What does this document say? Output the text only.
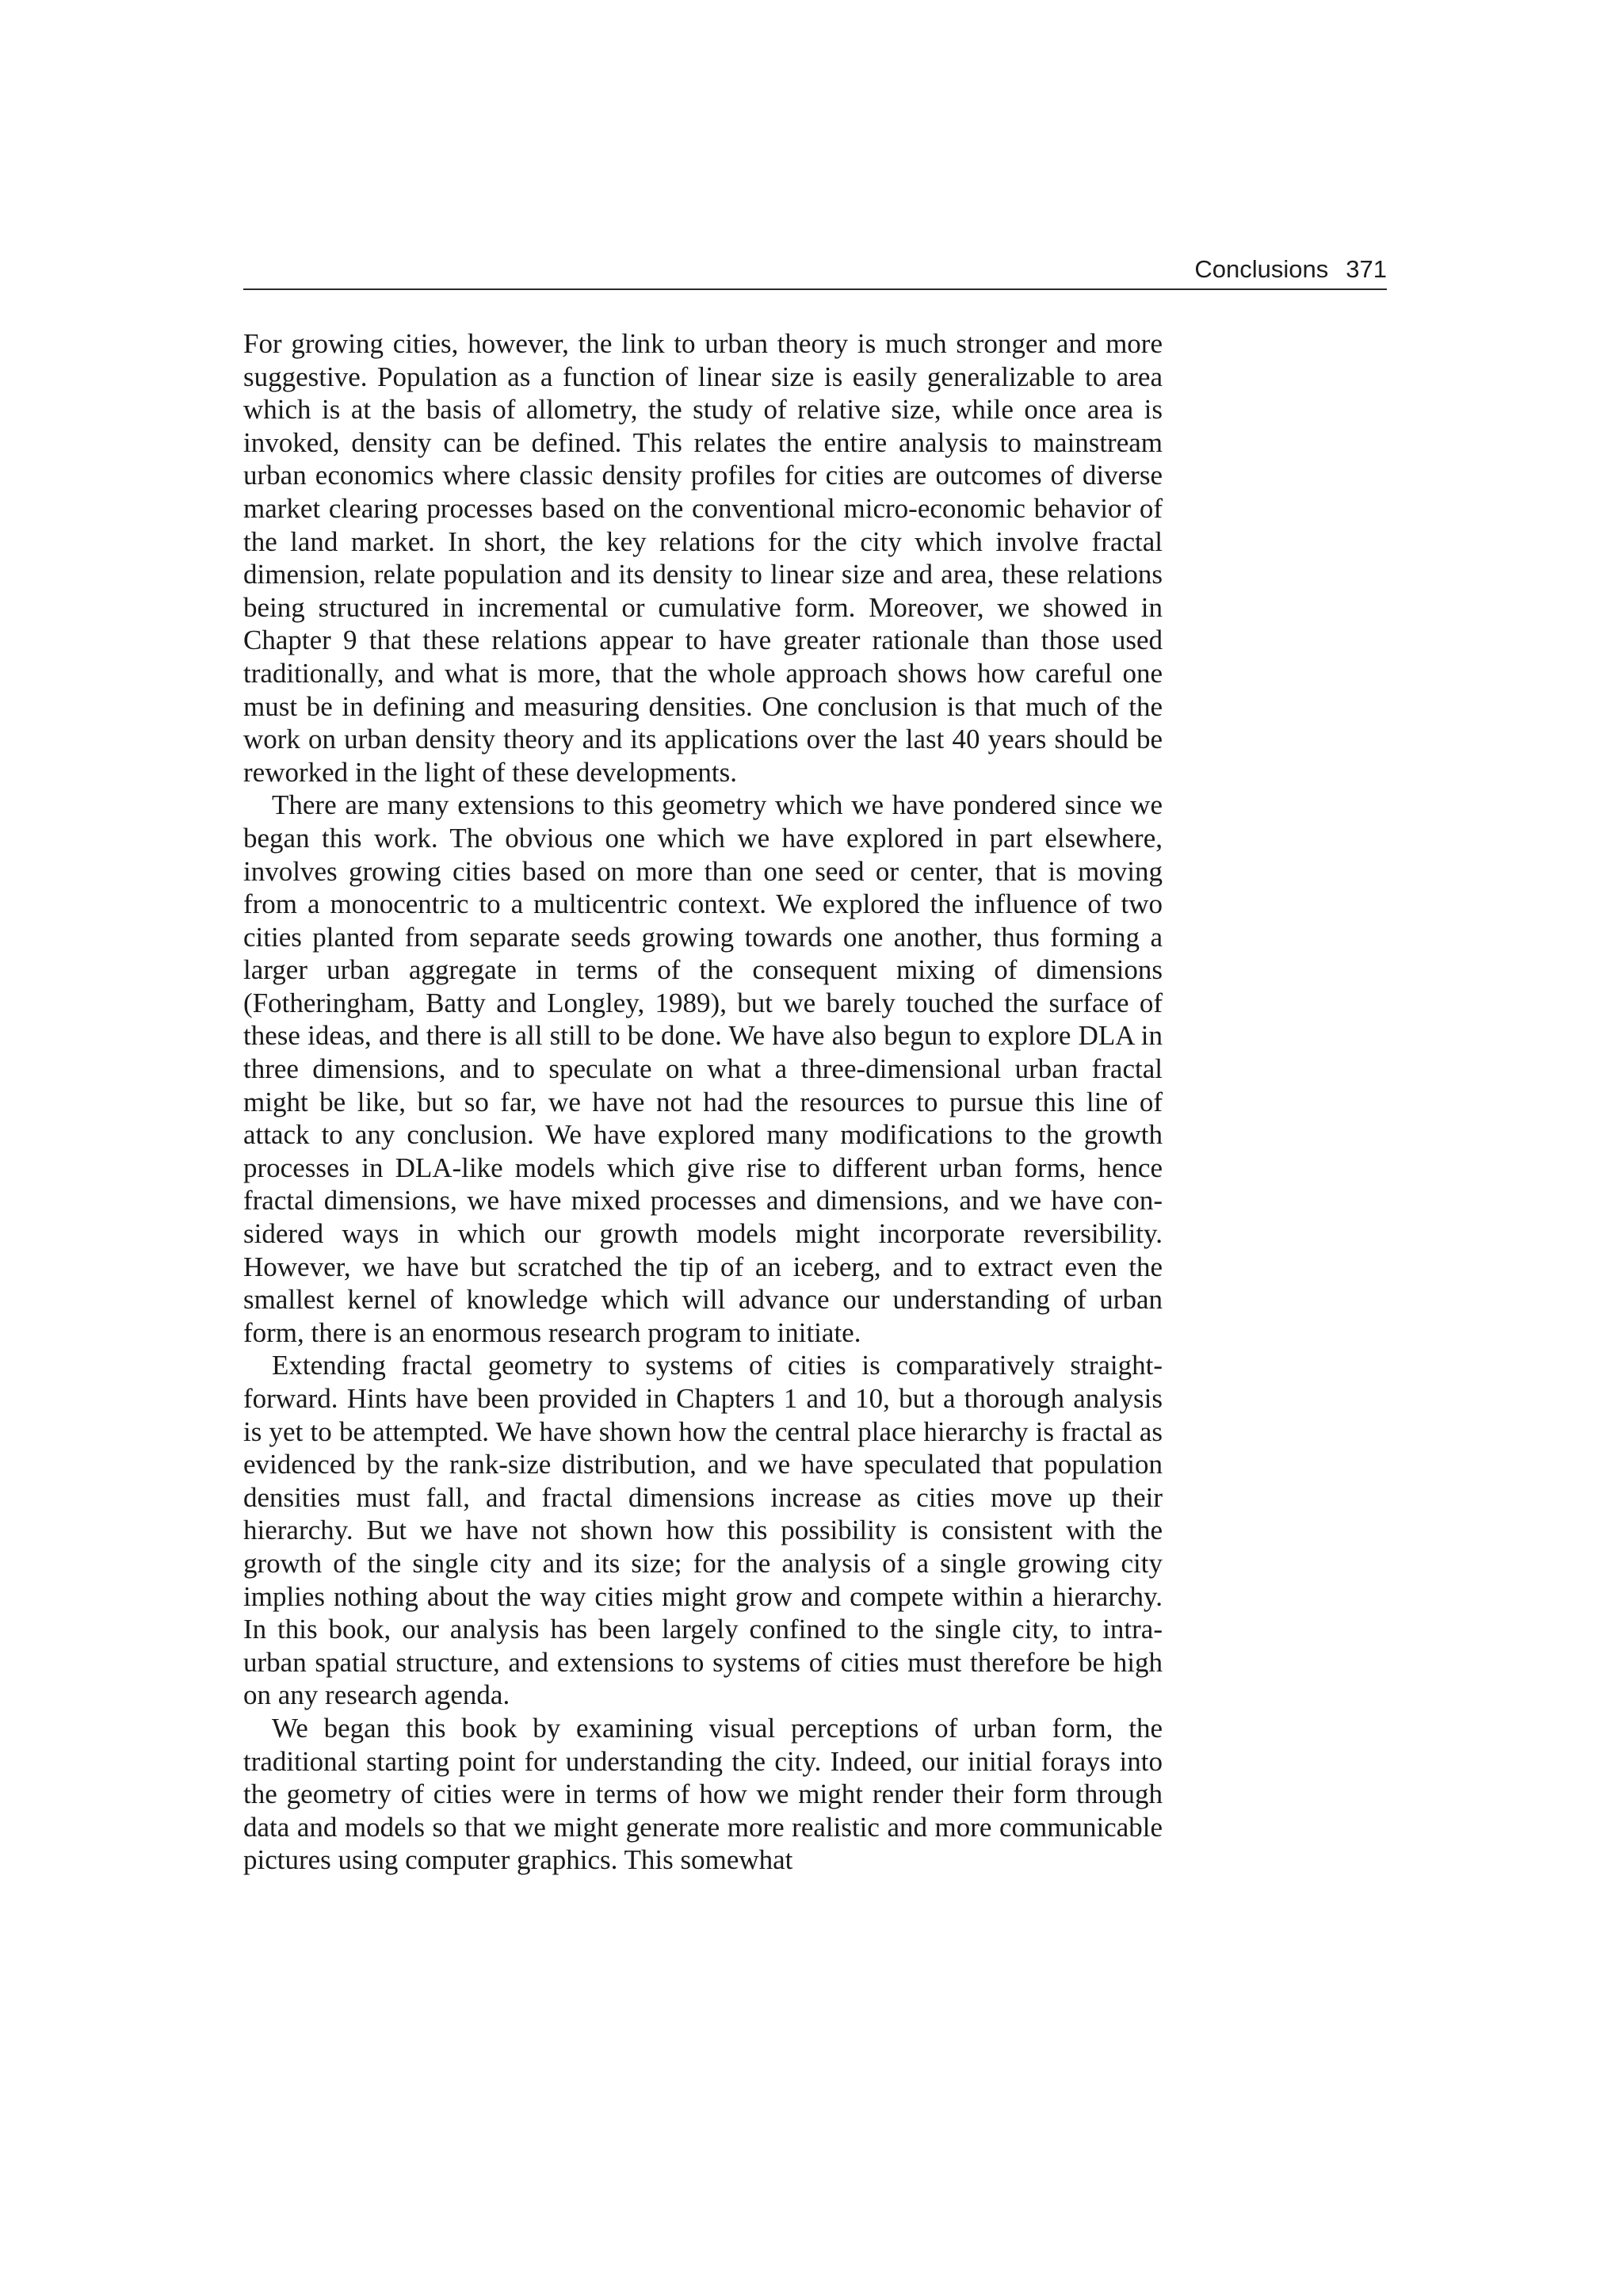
Conclusions 371

For growing cities, however, the link to urban theory is much stronger and more suggestive. Population as a function of linear size is easily generalizable to area which is at the basis of allometry, the study of relative size, while once area is invoked, density can be defined. This relates the entire analysis to mainstream urban economics where classic density profiles for cities are outcomes of diverse market clearing processes based on the conventional micro-economic behavior of the land market. In short, the key relations for the city which involve fractal dimension, relate population and its density to linear size and area, these relations being structured in incremental or cumulative form. Moreover, we showed in Chapter 9 that these relations appear to have greater rationale than those used traditionally, and what is more, that the whole approach shows how careful one must be in defining and measuring densities. One conclusion is that much of the work on urban density theory and its applications over the last 40 years should be reworked in the light of these developments.

There are many extensions to this geometry which we have pondered since we began this work. The obvious one which we have explored in part elsewhere, involves growing cities based on more than one seed or center, that is moving from a monocentric to a multicentric context. We explored the influence of two cities planted from separate seeds growing towards one another, thus forming a larger urban aggregate in terms of the consequent mixing of dimensions (Fotheringham, Batty and Longley, 1989), but we barely touched the surface of these ideas, and there is all still to be done. We have also begun to explore DLA in three dimensions, and to speculate on what a three-dimensional urban fractal might be like, but so far, we have not had the resources to pursue this line of attack to any conclusion. We have explored many modifications to the growth processes in DLA-like models which give rise to different urban forms, hence fractal dimensions, we have mixed processes and dimensions, and we have considered ways in which our growth models might incorporate reversibility. However, we have but scratched the tip of an iceberg, and to extract even the smallest kernel of knowledge which will advance our understanding of urban form, there is an enormous research program to initiate.

Extending fractal geometry to systems of cities is comparatively straightforward. Hints have been provided in Chapters 1 and 10, but a thorough analysis is yet to be attempted. We have shown how the central place hierarchy is fractal as evidenced by the rank-size distribution, and we have speculated that population densities must fall, and fractal dimensions increase as cities move up their hierarchy. But we have not shown how this possibility is consistent with the growth of the single city and its size; for the analysis of a single growing city implies nothing about the way cities might grow and compete within a hierarchy. In this book, our analysis has been largely confined to the single city, to intra-urban spatial structure, and extensions to systems of cities must therefore be high on any research agenda.

We began this book by examining visual perceptions of urban form, the traditional starting point for understanding the city. Indeed, our initial forays into the geometry of cities were in terms of how we might render their form through data and models so that we might generate more realistic and more communicable pictures using computer graphics. This somewhat
